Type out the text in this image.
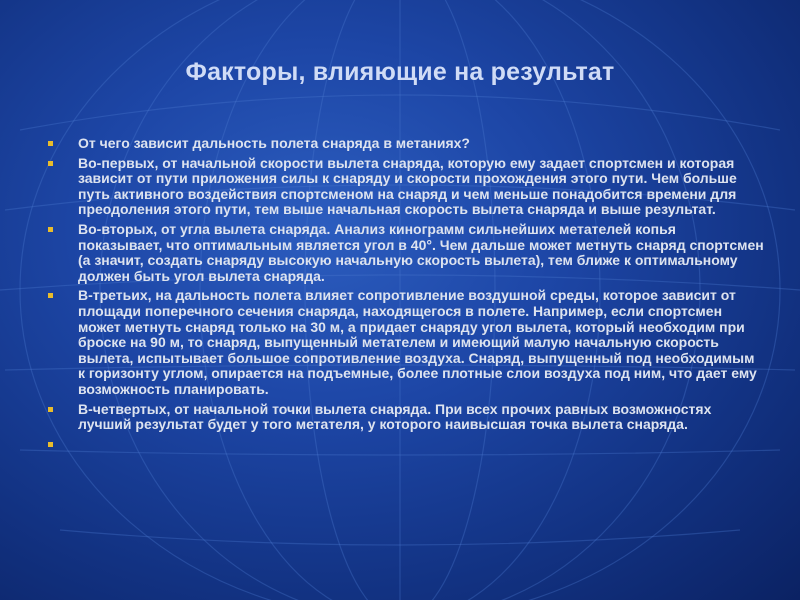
Факторы, влияющие на результат
От чего зависит дальность полета снаряда в метаниях?
Во-первых, от начальной скорости вылета снаряда, которую ему задает спортсмен и которая зависит от пути приложения силы к снаряду и скорости прохождения этого пути. Чем больше путь активного воздействия спортсменом на снаряд и чем меньше понадобится времени для преодоления этого пути, тем выше начальная скорость вылета снаряда и выше результат.
Во-вторых, от угла вылета снаряда. Анализ кинограмм сильнейших метателей копья показывает, что оптимальным является угол в 40°. Чем дальше может метнуть снаряд спортсмен (а значит, создать снаряду высокую начальную скорость вылета), тем ближе к оптимальному должен быть угол вылета снаряда.
В-третьих, на дальность полета влияет сопротивление воздушной среды, которое зависит от площади поперечного сечения снаряда, находящегося в полете. Например, если спортсмен может метнуть снаряд только на 30 м, а придает снаряду угол вылета, который необходим при броске на 90 м, то снаряд, выпущенный метателем и имеющий малую начальную скорость вылета, испытывает большое сопротивление воздуха. Снаряд, выпущенный под необходимым к горизонту углом, опирается на подъемные, более плотные слои воздуха под ним, что дает ему возможность планировать.
В-четвертых, от начальной точки вылета снаряда. При всех прочих равных возможностях лучший результат будет у того метателя, у которого наивысшая точка вылета снаряда.
